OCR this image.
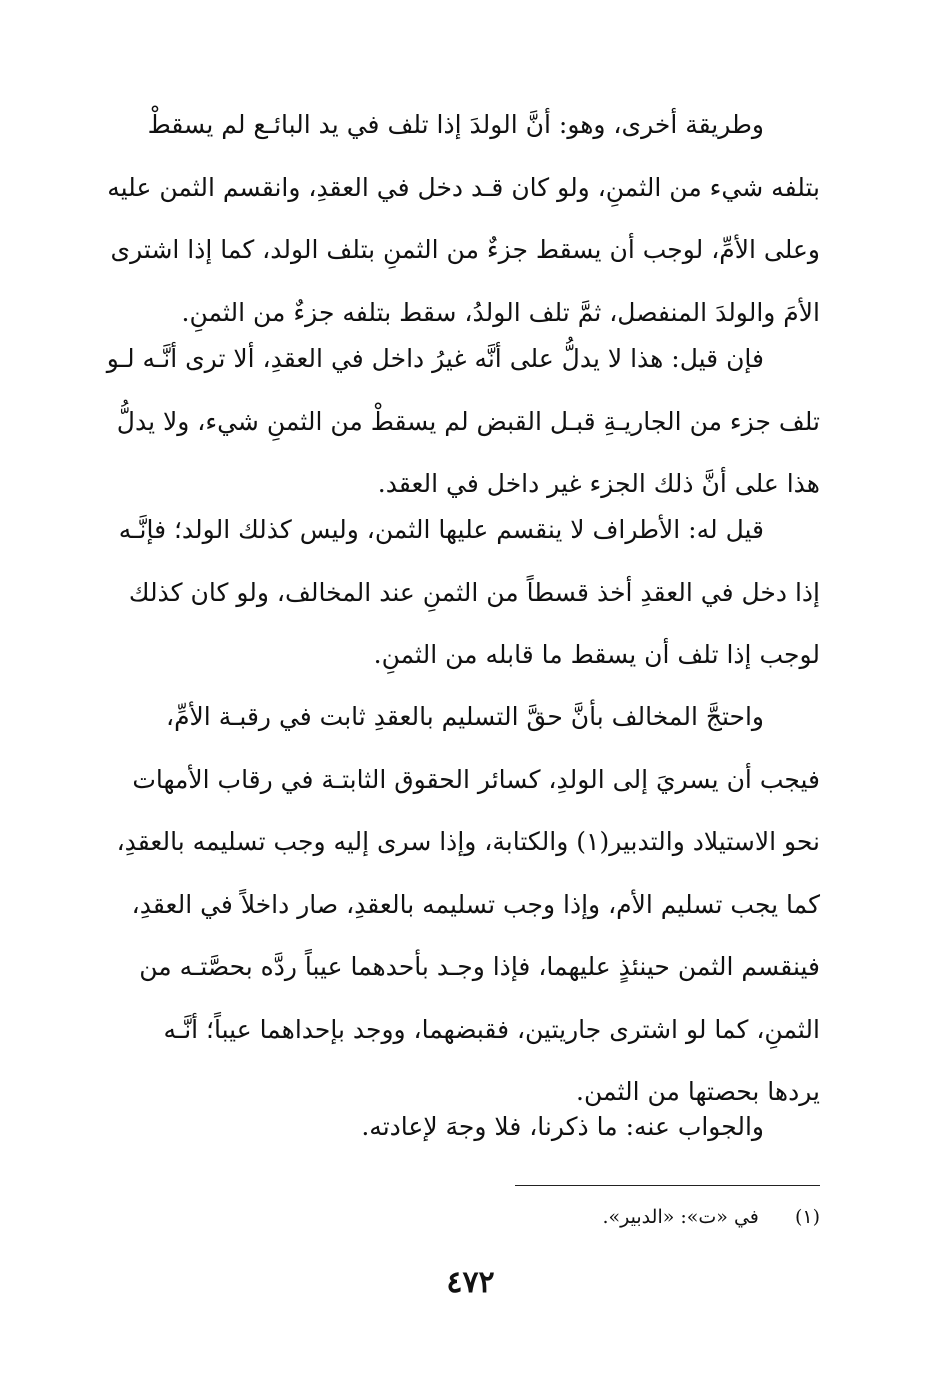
وطريقة أخرى، وهو: أنَّ الولدَ إذا تلف في يد البائـع لم يسقطْ
بتلفه شيء من الثمنِ، ولو كان قـد دخل في العقدِ، وانقسم الثمن عليه
وعلى الأمِّ، لوجب أن يسقط جزءٌ من الثمنِ بتلف الولد، كما إذا اشترى
الأمَ والولدَ المنفصل، ثمَّ تلف الولدُ، سقط بتلفه جزءٌ من الثمنِ.
فإن قيل: هذا لا يدلُّ على أنَّه غيرُ داخل في العقدِ، ألا ترى أنَّـه لـو
تلف جزء من الجاريـةِ قبـل القبض لم يسقطْ من الثمنِ شيء، ولا يدلُّ
هذا على أنَّ ذلك الجزء غير داخل في العقد.
قيل له: الأطراف لا ينقسم عليها الثمن، وليس كذلك الولد؛ فإنَّـه
إذا دخل في العقدِ أخذ قسطاً من الثمنِ عند المخالف، ولو كان كذلك
لوجب إذا تلف أن يسقط ما قابله من الثمنِ.
واحتجَّ المخالف بأنَّ حقَّ التسليم بالعقدِ ثابت في رقبـة الأمِّ،
فيجب أن يسريَ إلى الولدِ، كسائر الحقوق الثابتـة في رقاب الأمهات
نحو الاستيلاد والتدبير(١) والكتابة، وإذا سرى إليه وجب تسليمه بالعقدِ،
كما يجب تسليم الأم، وإذا وجب تسليمه بالعقدِ، صار داخلاً في العقدِ،
فينقسم الثمن حينئذٍ عليهما، فإذا وجـد بأحدهما عيباً ردَّه بحصَّتـه من
الثمنِ، كما لو اشترى جاريتين، فقبضهما، ووجد بإحداهما عيباً؛ أنَّـه
يردها بحصتها من الثمن.
والجواب عنه: ما ذكرنا، فلا وجهَ لإعادته.
(١) في «ت»: «الدبير».
٤٧٢
